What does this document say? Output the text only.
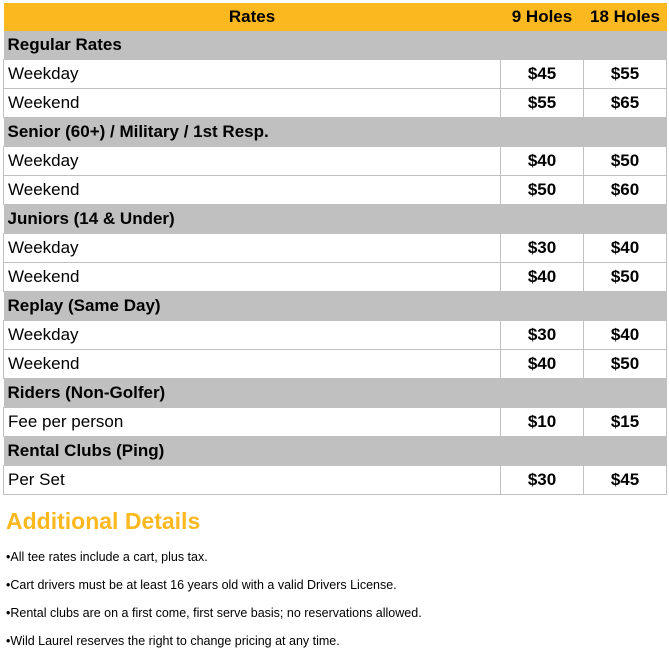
Rates	9 Holes	18 Holes
Regular Rates		
Weekday	$45	$55
Weekend	$55	$65
Senior (60+) / Military / 1st Resp.		
Weekday	$40	$50
Weekend	$50	$60
Juniors (14 & Under)		
Weekday	$30	$40
Weekend	$40	$50
Replay (Same Day)		
Weekday	$30	$40
Weekend	$40	$50
Riders (Non-Golfer)		
Fee per person	$10	$15
Rental Clubs (Ping)		
Per Set	$30	$45
Additional Details
•All tee rates include a cart, plus tax.
•Cart drivers must be at least 16 years old with a valid Drivers License.
•Rental clubs are on a first come, first serve basis; no reservations allowed.
•Wild Laurel reserves the right to change pricing at any time.
